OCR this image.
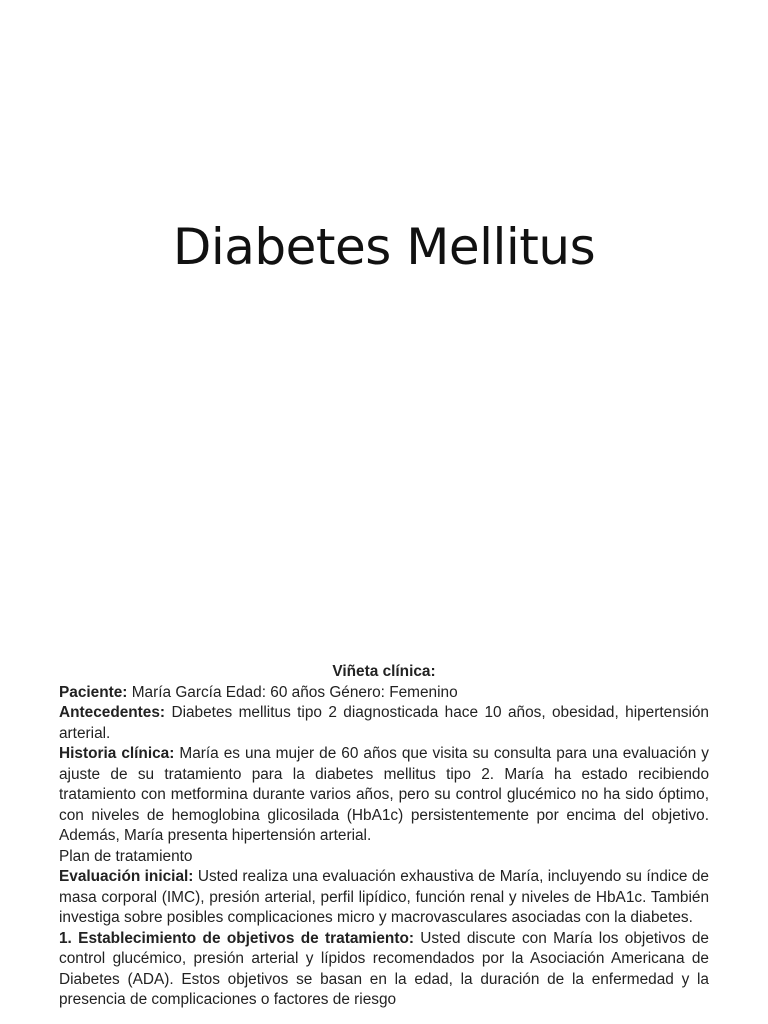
Diabetes Mellitus

Viñeta clínica:

Paciente: María García Edad: 60 años Género: Femenino

Antecedentes: Diabetes mellitus tipo 2 diagnosticada hace 10 años, obesidad, hipertensión arterial.

Historia clínica: María es una mujer de 60 años que visita su consulta para una evaluación y ajuste de su tratamiento para la diabetes mellitus tipo 2. María ha estado recibiendo tratamiento con metformina durante varios años, pero su control glucémico no ha sido óptimo, con niveles de hemoglobina glicosilada (HbA1c) persistentemente por encima del objetivo. Además, María presenta hipertensión arterial.

Plan de tratamiento

Evaluación inicial: Usted realiza una evaluación exhaustiva de María, incluyendo su índice de masa corporal (IMC), presión arterial, perfil lipídico, función renal y niveles de HbA1c. También investiga sobre posibles complicaciones micro y macrovasculares asociadas con la diabetes.

1. Establecimiento de objetivos de tratamiento: Usted discute con María los objetivos de control glucémico, presión arterial y lípidos recomendados por la Asociación Americana de Diabetes (ADA). Estos objetivos se basan en la edad, la duración de la enfermedad y la presencia de complicaciones o factores de riesgo
